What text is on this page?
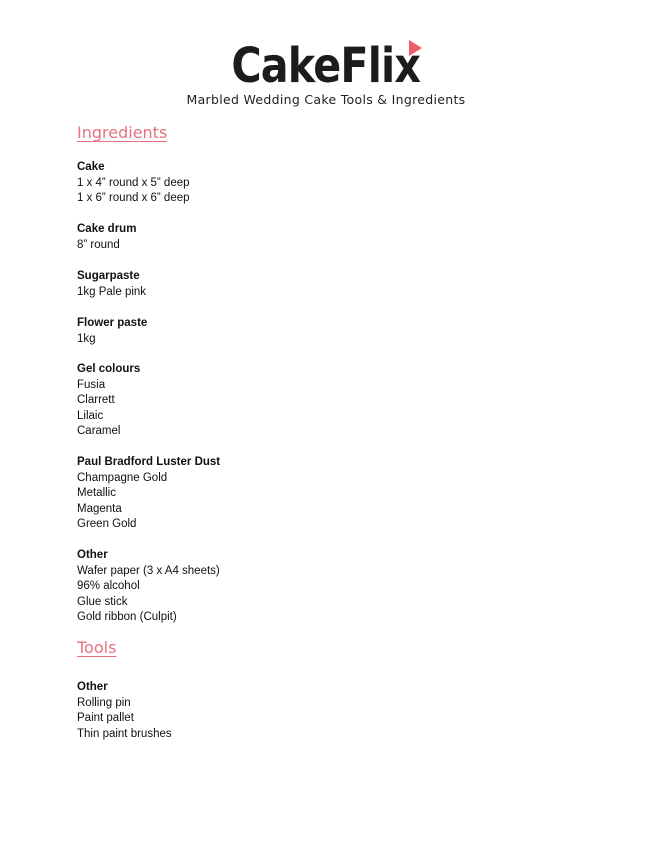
CakeFlix
Marbled Wedding Cake Tools & Ingredients
Ingredients
Cake
1 x 4” round x 5” deep
1 x 6” round x 6” deep
Cake drum
8” round
Sugarpaste
1kg Pale pink
Flower paste
1kg
Gel colours
Fusia
Clarrett
Lilaic
Caramel
Paul Bradford Luster Dust
Champagne Gold
Metallic
Magenta
Green Gold
Other
Wafer paper (3 x A4 sheets)
96% alcohol
Glue stick
Gold ribbon (Culpit)
Tools
Other
Rolling pin
Paint pallet
Thin paint brushes
